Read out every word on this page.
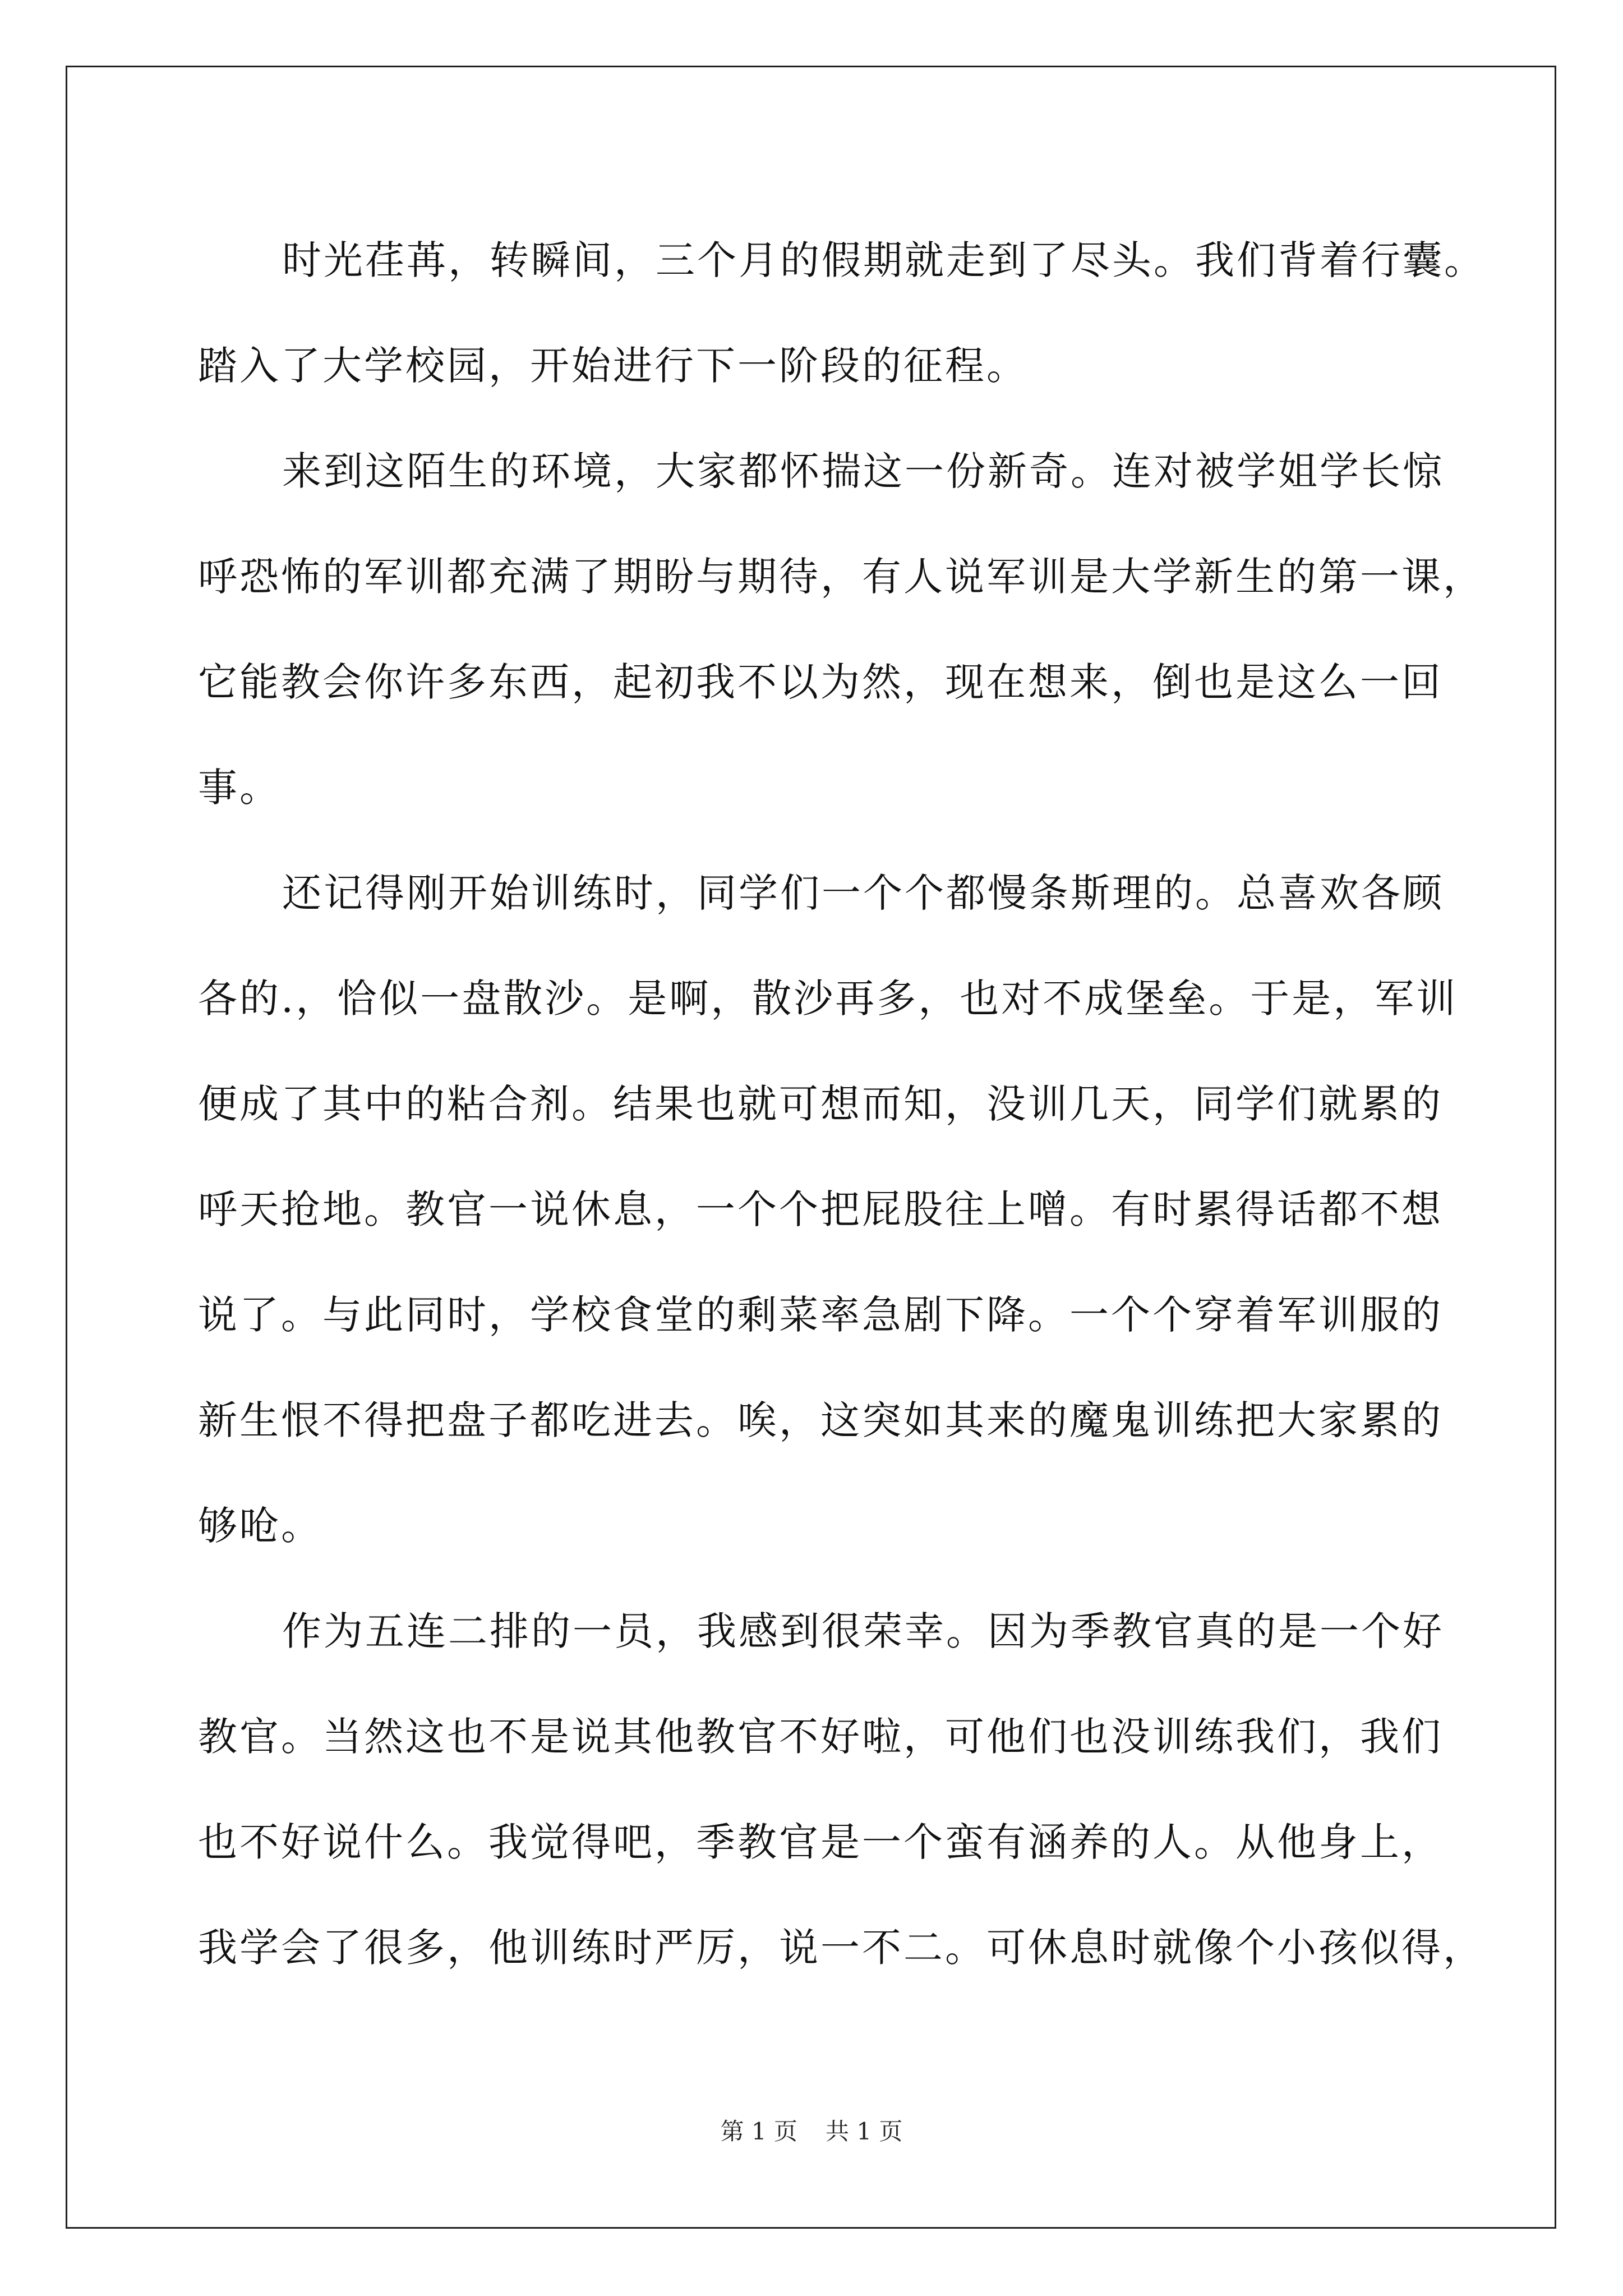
时光荏苒，转瞬间，三个月的假期就走到了尽头。我们背着行囊。
踏入了大学校园，开始进行下一阶段的征程。
来到这陌生的环境，大家都怀揣这一份新奇。连对被学姐学长惊
呼恐怖的军训都充满了期盼与期待，有人说军训是大学新生的第一课，
它能教会你许多东西，起初我不以为然，现在想来，倒也是这么一回
事。
还记得刚开始训练时，同学们一个个都慢条斯理的。总喜欢各顾
各的.，恰似一盘散沙。是啊，散沙再多，也对不成堡垒。于是，军训
便成了其中的粘合剂。结果也就可想而知，没训几天，同学们就累的
呼天抢地。教官一说休息，一个个把屁股往上噌。有时累得话都不想
说了。与此同时，学校食堂的剩菜率急剧下降。一个个穿着军训服的
新生恨不得把盘子都吃进去。唉，这突如其来的魔鬼训练把大家累的
够呛。
作为五连二排的一员，我感到很荣幸。因为季教官真的是一个好
教官。当然这也不是说其他教官不好啦，可他们也没训练我们，我们
也不好说什么。我觉得吧，季教官是一个蛮有涵养的人。从他身上，
我学会了很多，他训练时严厉，说一不二。可休息时就像个小孩似得，
第 1 页 共 1 页
